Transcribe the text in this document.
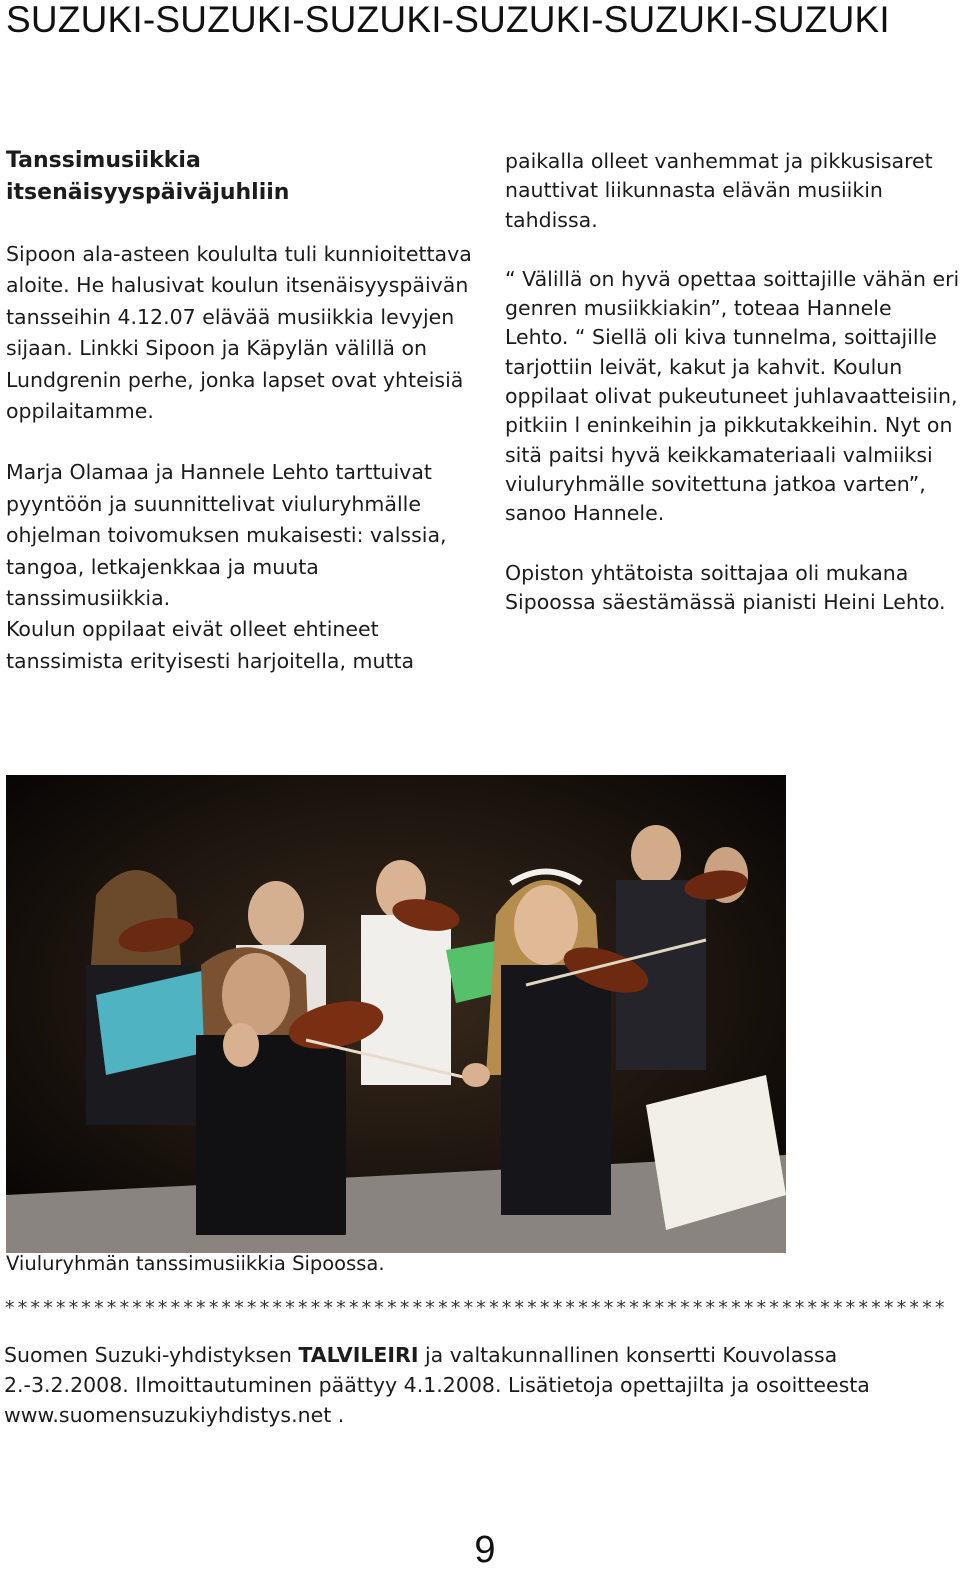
SUZUKI-SUZUKI-SUZUKI-SUZUKI-SUZUKI-SUZUKI

Tanssimusiikkia

itsenäisyyspäiväjuhliin

Sipoon ala-asteen koululta tuli kunnioitettava aloite. He halusivat koulun itsenäisyyspäivän tansseihin 4.12.07 elävää musiikkia levyjen sijaan. Linkki Sipoon ja Käpylän välillä on Lundgrenin perhe, jonka lapset ovat yhteisiä oppilaitamme.

Marja Olamaa ja Hannele Lehto tarttuivat pyyntöön ja suunnittelivat viuluryhmälle ohjelman toivomuksen mukaisesti: valssia, tangoa, letkajenkkaa ja muuta tanssimusiikkia.

Koulun oppilaat eivät olleet ehtineet tanssimista erityisesti harjoitella, mutta

paikalla olleet vanhemmat ja pikkusisaret nauttivat liikunnasta elävän musiikin tahdissa.

“ Välillä on hyvä opettaa soittajille vähän eri genren musiikkiakin”, toteaa Hannele Lehto. “ Siellä oli kiva tunnelma, soittajille tarjottiin leivät, kakut ja kahvit. Koulun oppilaat olivat pukeutuneet juhlavaatteisiin, pitkiin l eninkeihin ja pikkutakkeihin. Nyt on sitä paitsi hyvä keikkamateriaali valmiiksi viuluryhmälle sovitettuna jatkoa varten”, sanoo Hannele.

Opiston yhtätoista soittajaa oli mukana Sipoossa säestämässä pianisti Heini Lehto.

Viuluryhmän tanssimusiikkia Sipoossa.
**************************************************************************
Suomen Suzuki-yhdistyksen TALVILEIRI ja valtakunnallinen konsertti Kouvolassa 2.-3.2.2008. Ilmoittautuminen päättyy 4.1.2008. Lisätietoja opettajilta ja osoitteesta www.suomensuzukiyhdistys.net .
9
